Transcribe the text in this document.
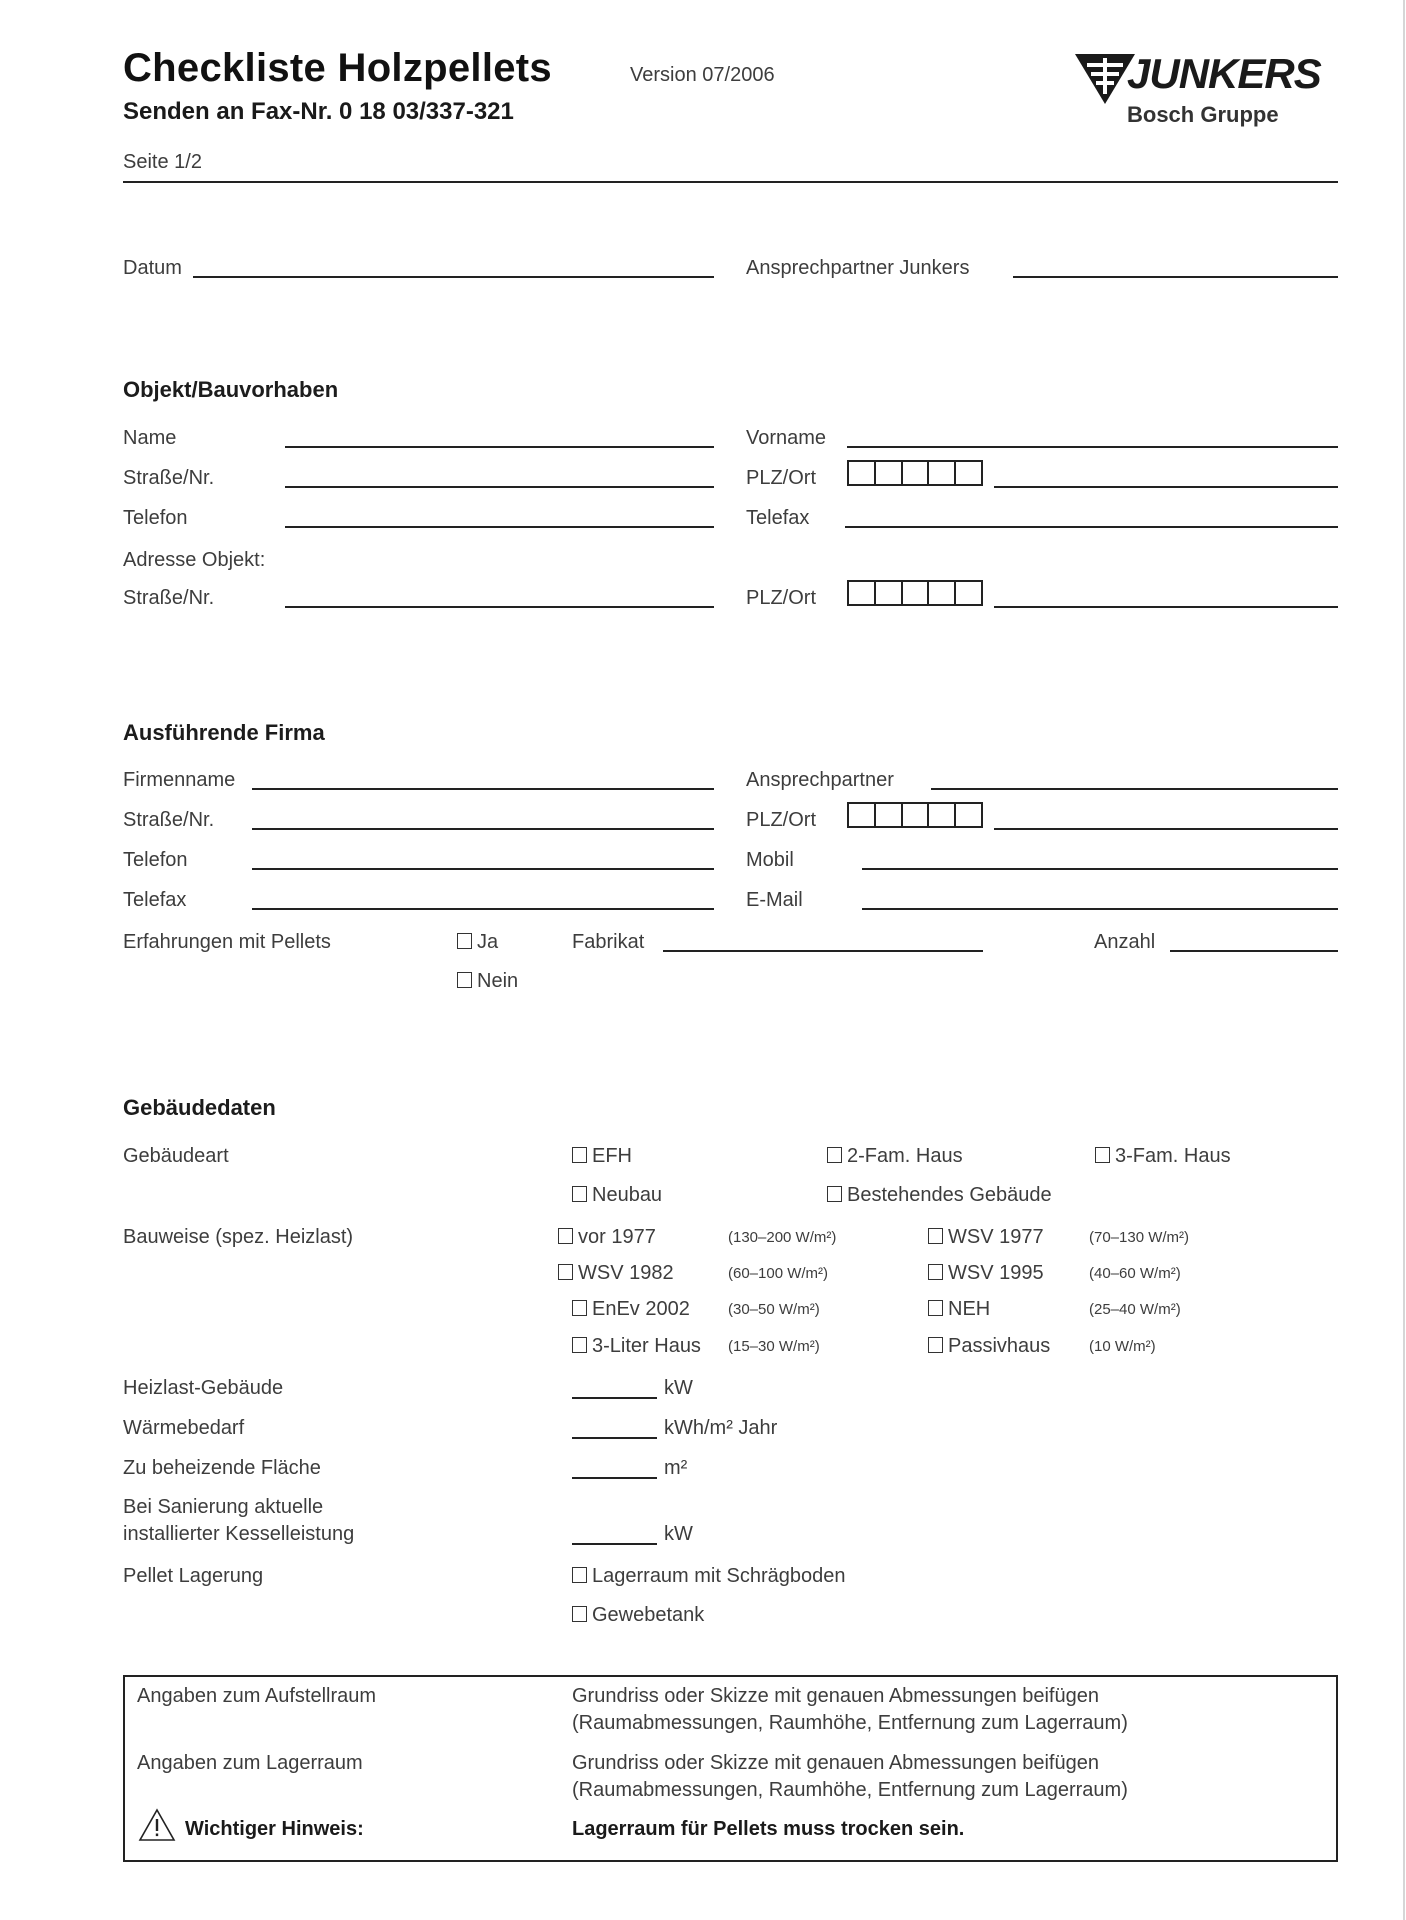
Checkliste Holzpellets	Version 07/2006
Senden an Fax-Nr. 0 18 03/337-321
Seite 1/2
JUNKERS
Bosch Gruppe
Datum	Ansprechpartner Junkers
Objekt/Bauvorhaben
Name	Vorname
Straße/Nr.	PLZ/Ort
Telefon	Telefax
Adresse Objekt:
Straße/Nr.	PLZ/Ort
Ausführende Firma
Firmenname	Ansprechpartner
Straße/Nr.	PLZ/Ort
Telefon	Mobil
Telefax	E-Mail
Erfahrungen mit Pellets	Ja
Nein
Fabrikat	Anzahl
Gebäudedaten
Gebäudeart	EFH	2-Fam. Haus	3-Fam. Haus
Neubau	Bestehendes Gebäude
Bauweise (spez. Heizlast)	vor 1977	(130–200 W/m²)	WSV 1977	(70–130 W/m²)
WSV 1982	(60–100 W/m²)	WSV 1995	(40–60 W/m²)
EnEv 2002	(30–50 W/m²)	NEH	(25–40 W/m²)
3-Liter Haus (15–30 W/m²)	Passivhaus	(10 W/m²)
Heizlast-Gebäude	kW
Wärmebedarf	kWh/m² Jahr
Zu beheizende Fläche	m²
Bei Sanierung aktuelle
installierter Kesselleistung	kW
Pellet Lagerung	Lagerraum mit Schrägboden
Gewebetank
Angaben zum Aufstellraum	Grundriss oder Skizze mit genauen Abmessungen beifügen
(Raumabmessungen, Raumhöhe, Entfernung zum Lagerraum)
Angaben zum Lagerraum	Grundriss oder Skizze mit genauen Abmessungen beifügen
(Raumabmessungen, Raumhöhe, Entfernung zum Lagerraum)
Wichtiger Hinweis:	Lagerraum für Pellets muss trocken sein.
